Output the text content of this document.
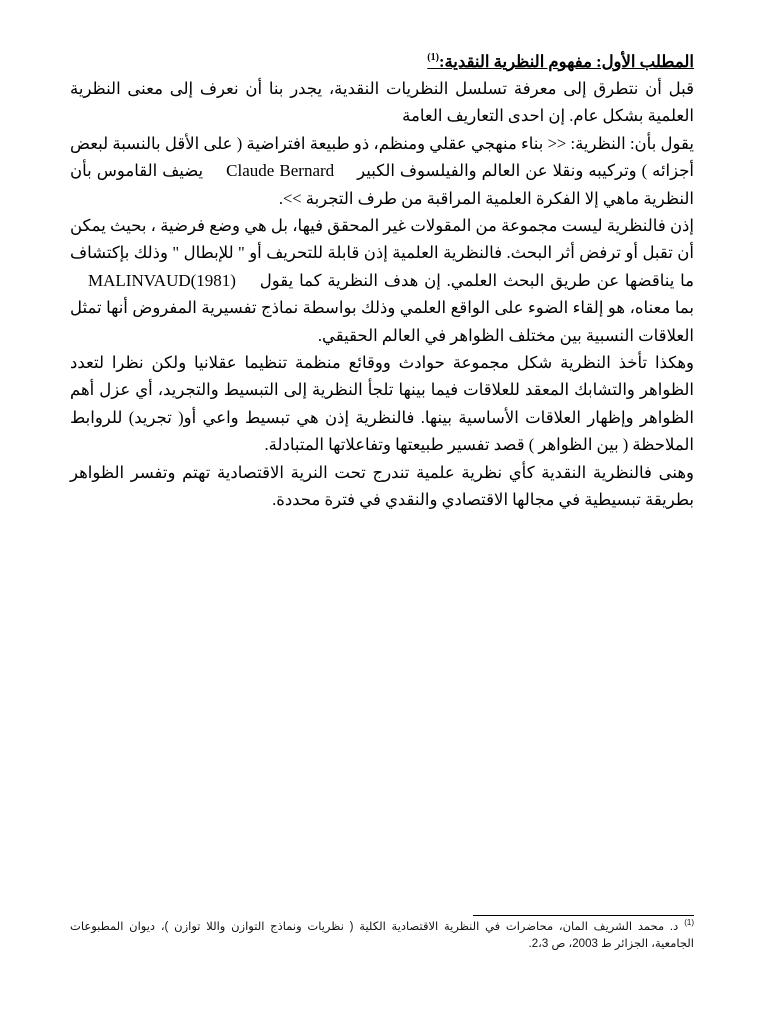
المطلب الأول: مفهوم النظرية النقدية:$^{(1)}$

قبل أن نتطرق إلى معرفة تسلسل النظريات النقدية، يجدر بنا أن نعرف إلى معنى النظرية العلمية بشكل عام. إن احدى التعاريف العامة

يقول بأن: النظرية: << بناء منهجي عقلي ومنظم، ذو طبيعة افتراضية ( على الأقل بالنسبة لبعض أجزائه ) وتركيبه ونقلا عن العالم والفيلسوف الكبير Claude Bernard يضيف القاموس بأن النظرية ماهي إلا الفكرة العلمية المراقبة من طرف التجربة >>.

إذن فالنظرية ليست مجموعة من المقولات غير المحقق فيها، بل هي وضع فرضية ، بحيث يمكن أن تقبل أو ترفض أثر البحث. فالنظرية العلمية إذن قابلة للتحريف أو " للإبطال " وذلك بإكتشاف ما يناقضها عن طريق البحث العلمي. إن هدف النظرية كما يقول MALINVAUD(1981) بما معناه، هو إلقاء الضوء على الواقع العلمي وذلك بواسطة نماذج تفسيرية المفروض أنها تمثل العلاقات النسبية بين مختلف الظواهر في العالم الحقيقي.

وهكذا تأخذ النظرية شكل مجموعة حوادث ووقائع منظمة تنظيما عقلانيا ولكن نظرا لتعدد الظواهر والتشابك المعقد للعلاقات فيما بينها تلجأ النظرية إلى التبسيط والتجريد، أي عزل أهم الظواهر وإظهار العلاقات الأساسية بينها. فالنظرية إذن هي تبسيط واعي أو( تجريد) للروابط الملاحظة ( بين الظواهر ) قصد تفسير طبيعتها وتفاعلاتها المتبادلة.

وهنى فالنظرية النقدية كأي نظرية علمية تندرج تحت النرية الاقتصادية تهتم وتفسر الظواهر بطريقة تبسيطية في مجالها الاقتصادي والنقدي في فترة محددة.

$^{(1)}$د. محمد الشريف المان، محاضرات في النظرية الاقتصادية الكلية ( نظريات ونماذج التوازن واللا توازن )، ديوان المطبوعات الجامعية، الجزائر ط 2003، ص 2،3.
